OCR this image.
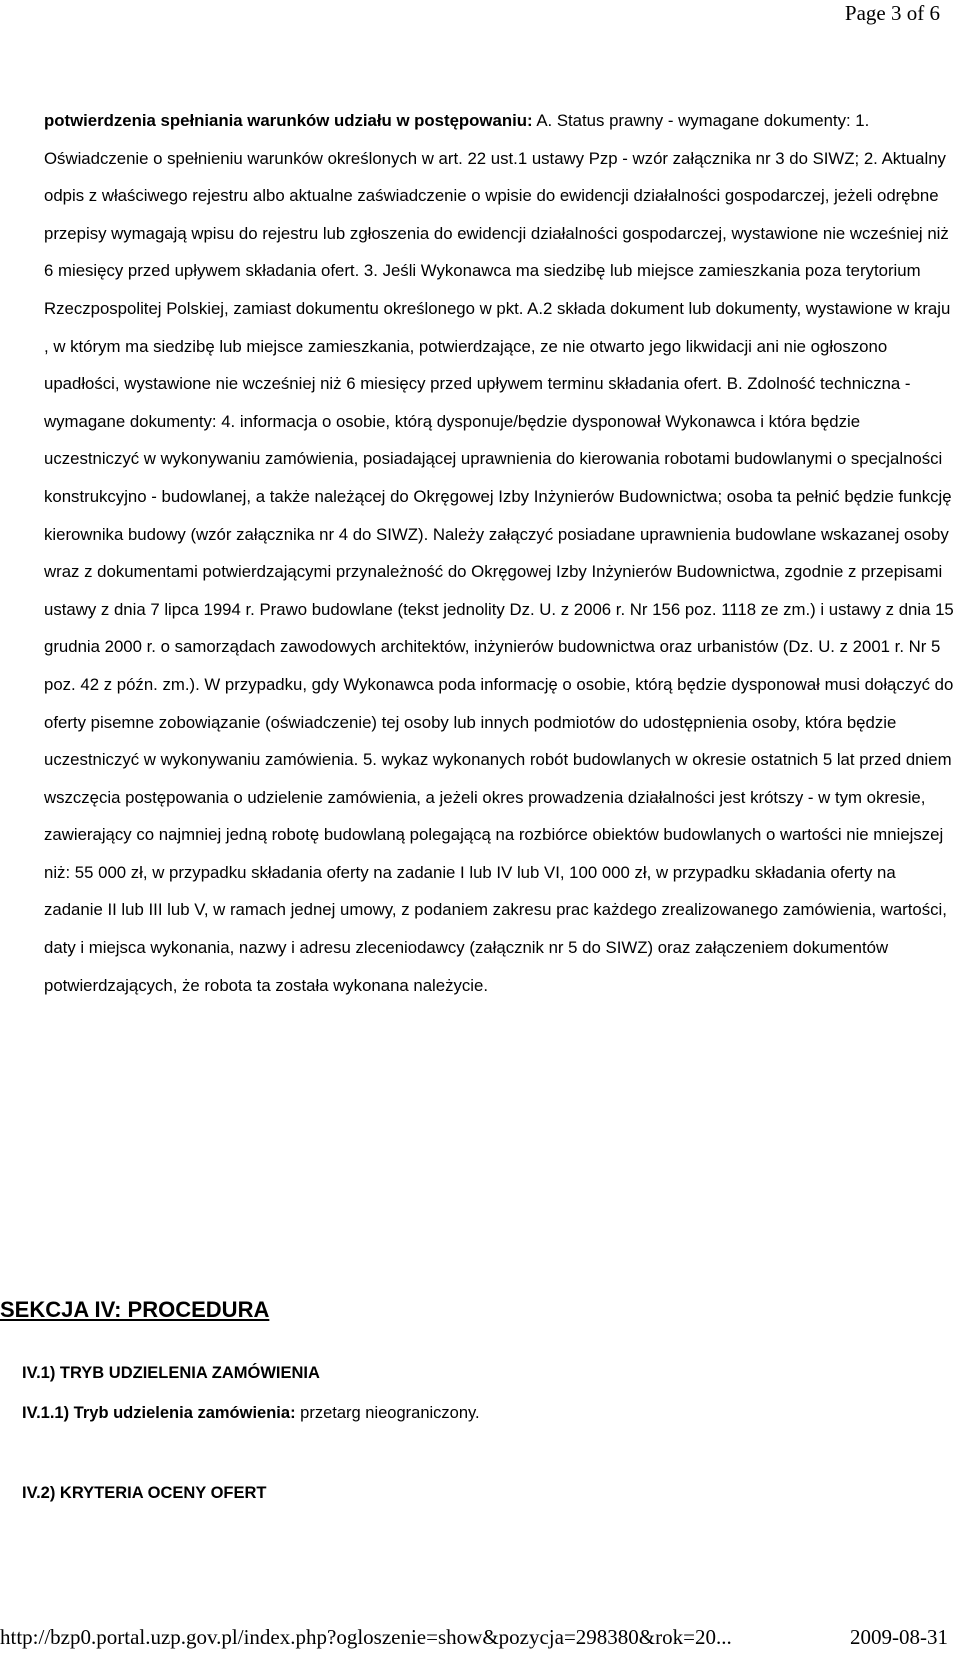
Page 3 of 6

potwierdzenia spełniania warunków udziału w postępowaniu: A. Status prawny - wymagane dokumenty: 1. Oświadczenie o spełnieniu warunków określonych w art. 22 ust.1 ustawy Pzp - wzór załącznika nr 3 do SIWZ; 2. Aktualny odpis z właściwego rejestru albo aktualne zaświadczenie o wpisie do ewidencji działalności gospodarczej, jeżeli odrębne przepisy wymagają wpisu do rejestru lub zgłoszenia do ewidencji działalności gospodarczej, wystawione nie wcześniej niż 6 miesięcy przed upływem składania ofert. 3. Jeśli Wykonawca ma siedzibę lub miejsce zamieszkania poza terytorium Rzeczpospolitej Polskiej, zamiast dokumentu określonego w pkt. A.2 składa dokument lub dokumenty, wystawione w kraju , w którym ma siedzibę lub miejsce zamieszkania, potwierdzające, ze nie otwarto jego likwidacji ani nie ogłoszono upadłości, wystawione nie wcześniej niż 6 miesięcy przed upływem terminu składania ofert. B. Zdolność techniczna - wymagane dokumenty: 4. informacja o osobie, którą dysponuje/będzie dysponował Wykonawca i która będzie uczestniczyć w wykonywaniu zamówienia, posiadającej uprawnienia do kierowania robotami budowlanymi o specjalności konstrukcyjno - budowlanej, a także należącej do Okręgowej Izby Inżynierów Budownictwa; osoba ta pełnić będzie funkcję kierownika budowy (wzór załącznika nr 4 do SIWZ). Należy załączyć posiadane uprawnienia budowlane wskazanej osoby wraz z dokumentami potwierdzającymi przynależność do Okręgowej Izby Inżynierów Budownictwa, zgodnie z przepisami ustawy z dnia 7 lipca 1994 r. Prawo budowlane (tekst jednolity Dz. U. z 2006 r. Nr 156 poz. 1118 ze zm.) i ustawy z dnia 15 grudnia 2000 r. o samorządach zawodowych architektów, inżynierów budownictwa oraz urbanistów (Dz. U. z 2001 r. Nr 5 poz. 42 z późn. zm.). W przypadku, gdy Wykonawca poda informację o osobie, którą będzie dysponował musi dołączyć do oferty pisemne zobowiązanie (oświadczenie) tej osoby lub innych podmiotów do udostępnienia osoby, która będzie uczestniczyć w wykonywaniu zamówienia. 5. wykaz wykonanych robót budowlanych w okresie ostatnich 5 lat przed dniem wszczęcia postępowania o udzielenie zamówienia, a jeżeli okres prowadzenia działalności jest krótszy - w tym okresie, zawierający co najmniej jedną robotę budowlaną polegającą na rozbiórce obiektów budowlanych o wartości nie mniejszej niż: 55 000 zł, w przypadku składania oferty na zadanie I lub IV lub VI, 100 000 zł, w przypadku składania oferty na zadanie II lub III lub V, w ramach jednej umowy, z podaniem zakresu prac każdego zrealizowanego zamówienia, wartości, daty i miejsca wykonania, nazwy i adresu zleceniodawcy (załącznik nr 5 do SIWZ) oraz załączeniem dokumentów potwierdzających, że robota ta została wykonana należycie.

SEKCJA IV: PROCEDURA
IV.1) TRYB UDZIELENIA ZAMÓWIENIA
IV.1.1) Tryb udzielenia zamówienia: przetarg nieograniczony.
IV.2) KRYTERIA OCENY OFERT
http://bzp0.portal.uzp.gov.pl/index.php?ogloszenie=show&pozycja=298380&rok=20...	2009-08-31
